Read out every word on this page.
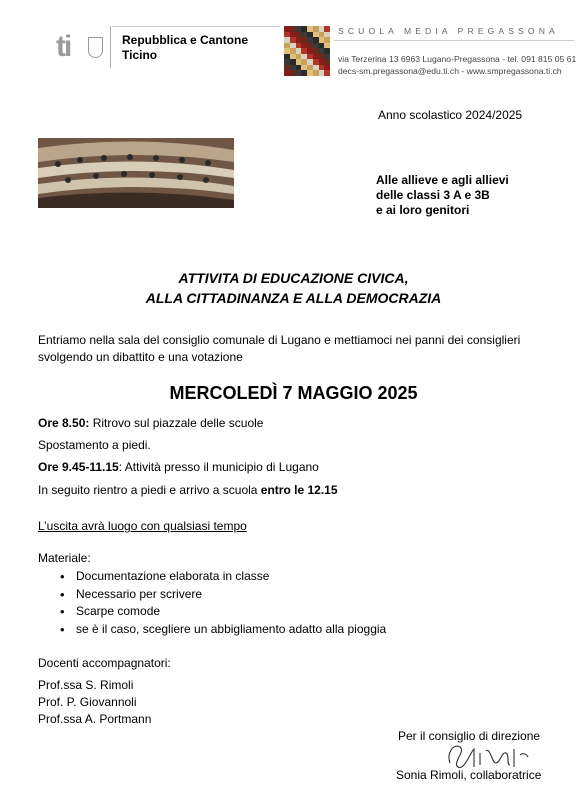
ti	Repubblica e Cantone
Ticino
SCUOLA MEDIA PREGASSONA
via Terzerina 13 6963 Lugano-Pregassona - tel. 091 815 05 61
decs-sm.pregassona@edu.ti.ch - www.smpregassona.ti.ch
Anno scolastico 2024/2025
Alle allieve e agli allievi
delle classi 3 A e 3B
e ai loro genitori
ATTIVITA DI EDUCAZIONE CIVICA,
ALLA CITTADINANZA E ALLA DEMOCRAZIA
Entriamo nella sala del consiglio comunale di Lugano e mettiamoci nei panni dei consiglieri svolgendo un dibattito e una votazione
MERCOLEDÌ 7 MAGGIO 2025
Ore 8.50: Ritrovo sul piazzale delle scuole
Spostamento a piedi.
Ore 9.45-11.15: Attività presso il municipio di Lugano
In seguito rientro a piedi e arrivo a scuola entro le 12.15
L’uscita avrà luogo con qualsiasi tempo
Materiale:
• Documentazione elaborata in classe
• Necessario per scrivere
• Scarpe comode
• se è il caso, scegliere un abbigliamento adatto alla pioggia
Docenti accompagnatori:
Prof.ssa S. Rimoli
Prof. P. Giovannoli
Prof.ssa A. Portmann
Per il consiglio di direzione
Sonia Rimoli, collaboratrice
